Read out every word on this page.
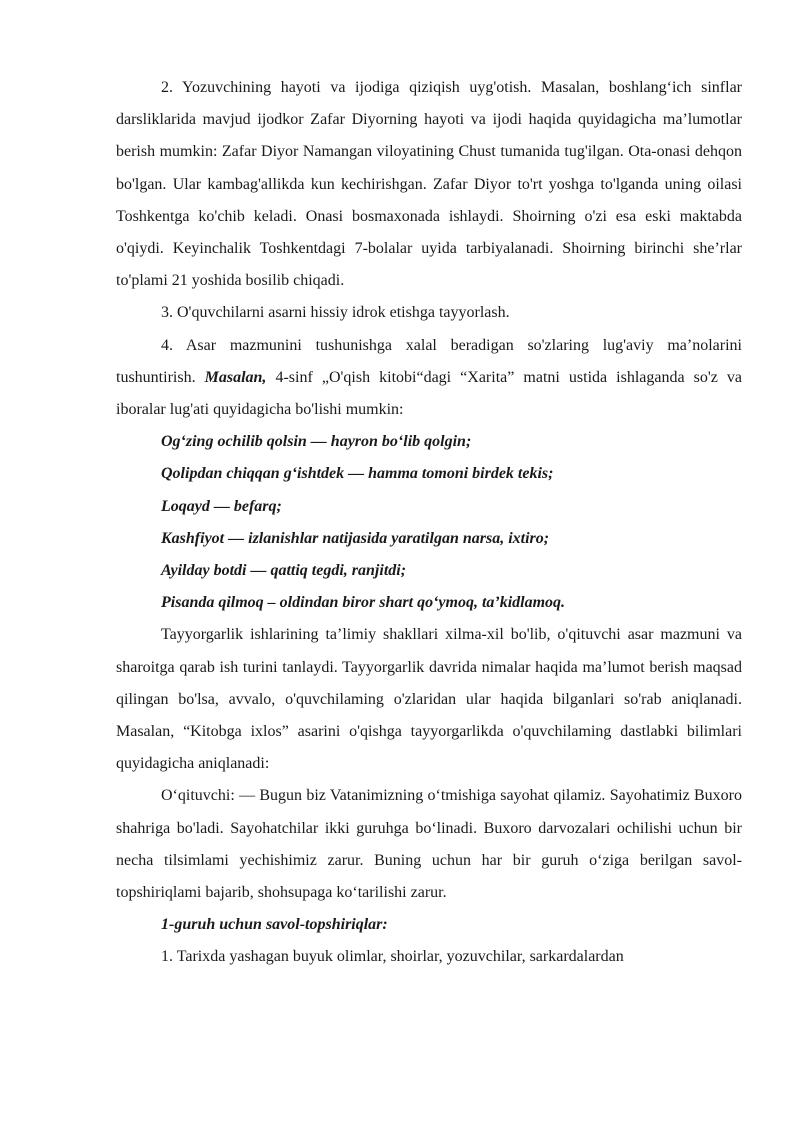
2. Yozuvchining hayoti va ijodiga qiziqish uyg'otish. Masalan, boshlang‘ich sinflar darsliklarida mavjud ijodkor Zafar Diyorning hayoti va ijodi haqida quyidagicha ma’lumotlar berish mumkin: Zafar Diyor Namangan viloyatining Chust tumanida tug'ilgan. Ota-onasi dehqon bo'lgan. Ular kambag'allikda kun kechirishgan. Zafar Diyor to'rt yoshga to'lganda uning oilasi Toshkentga ko'chib keladi. Onasi bosmaxonada ishlaydi. Shoirning o'zi esa eski maktabda o'qiydi. Keyinchalik Toshkentdagi 7-bolalar uyida tarbiyalanadi. Shoirning birinchi she’rlar to'plami 21 yoshida bosilib chiqadi.

3. O'quvchilarni asarni hissiy idrok etishga tayyorlash.

4. Asar mazmunini tushunishga xalal beradigan so'zlaring lug'aviy ma’nolarini tushuntirish. Masalan, 4-sinf „O'qish kitobi“dagi “Xarita” matni ustida ishlaganda so'z va iboralar lug'ati quyidagicha bo'lishi mumkin:

Og‘zing ochilib qolsin — hayron bo‘lib qolgin;

Qolipdan chiqqan g‘ishtdek — hamma tomoni birdek tekis;

Loqayd — befarq;

Kashfiyot — izlanishlar natijasida yaratilgan narsa, ixtiro;

Ayilday botdi — qattiq tegdi, ranjitdi;

Pisanda qilmoq – oldindan biror shart qo‘ymoq, ta’kidlamoq.

Tayyorgarlik ishlarining ta’limiy shakllari xilma-xil bo'lib, o'qituvchi asar mazmuni va sharoitga qarab ish turini tanlaydi. Tayyorgarlik davrida nimalar haqida ma’lumot berish maqsad qilingan bo'lsa, avvalo, o'quvchilaming o'zlaridan ular haqida bilganlari so'rab aniqlanadi. Masalan, “Kitobga ixlos” asarini o'qishga tayyorgarlikda o'quvchilaming dastlabki bilimlari quyidagicha aniqlanadi:

O‘qituvchi: — Bugun biz Vatanimizning o‘tmishiga sayohat qilamiz. Sayohatimiz Buxoro shahriga bo'ladi. Sayohatchilar ikki guruhga bo‘linadi. Buxoro darvozalari ochilishi uchun bir necha tilsimlami yechishimiz zarur. Buning uchun har bir guruh o‘ziga berilgan savol-topshiriqlami bajarib, shohsupaga ko‘tarilishi zarur.

1-guruh uchun savol-topshiriqlar:

1. Tarixda yashagan buyuk olimlar, shoirlar, yozuvchilar, sarkardalardan
